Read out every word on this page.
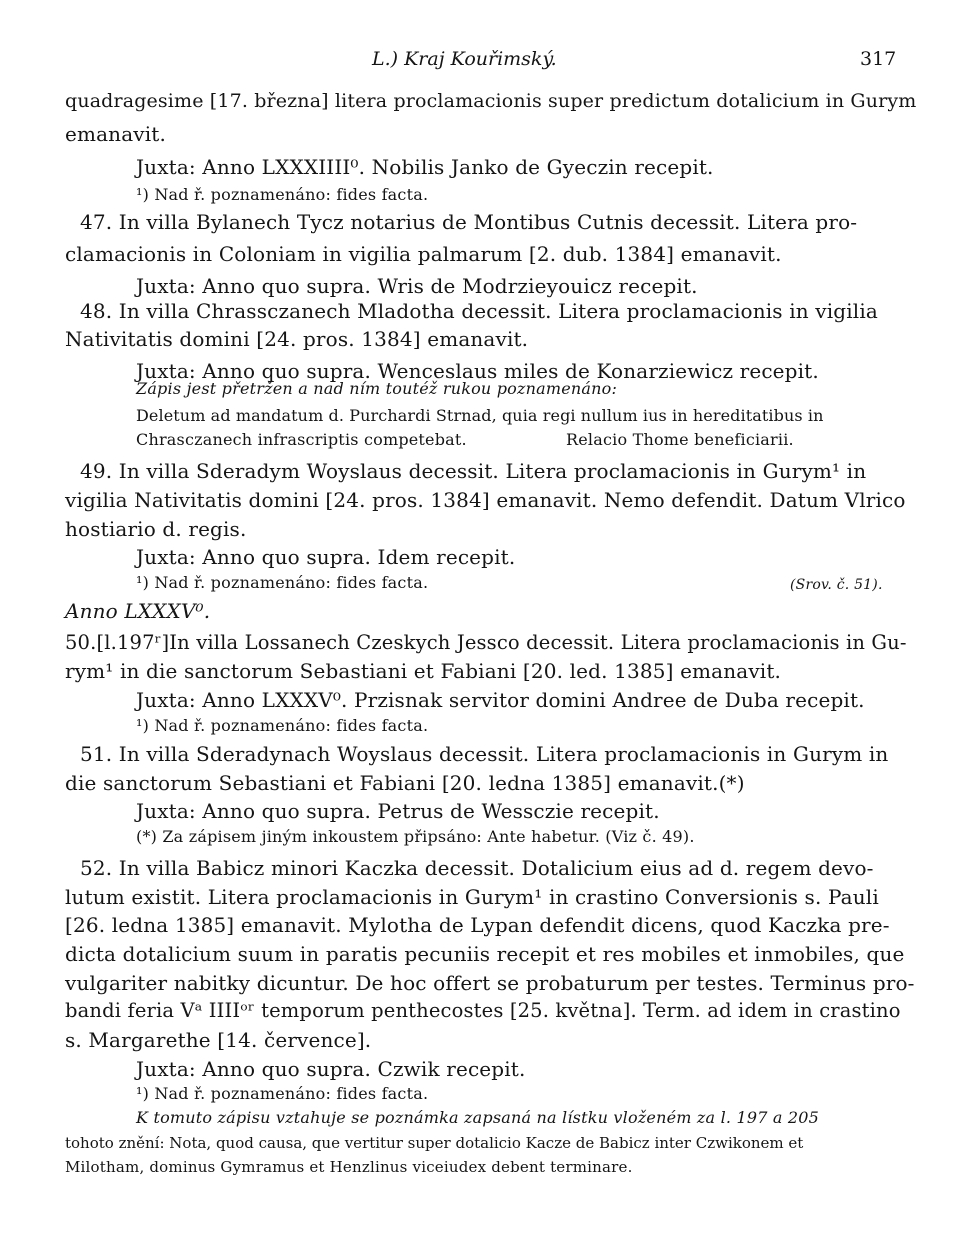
L.) Kraj Kouřimský.	317
quadragesime [17. března] litera proclamacionis super predictum dotalicium in Gurym
emanavit.
Juxta: Anno LXXXIIII⁰. Nobilis Janko de Gyeczin recepit.
¹) Nad ř. poznamenáno: fides facta.
47. In villa Bylanech Tycz notarius de Montibus Cutnis decessit. Litera pro-
clamacionis in Coloniam in vigilia palmarum [2. dub. 1384] emanavit.
Juxta: Anno quo supra. Wris de Modrzieyouicz recepit.
48. In villa Chrassczanech Mladotha decessit. Litera proclamacionis in vigilia
Nativitatis domini [24. pros. 1384] emanavit.
Juxta: Anno quo supra. Wenceslaus miles de Konarziewicz recepit.
Zápis jest přetržen a nad ním toutéž rukou poznamenáno:
Deletum ad mandatum d. Purchardi Strnad, quia regi nullum ius in hereditatibus in
Chrasczanech infrascriptis competebat.	Relacio Thome beneficiarii.
49. In villa Sderadym Woyslaus decessit. Litera proclamacionis in Gurym¹ in
vigilia Nativitatis domini [24. pros. 1384] emanavit. Nemo defendit. Datum Vlrico
hostiario d. regis.
Juxta: Anno quo supra. Idem recepit.
¹) Nad ř. poznamenáno: fides facta.	(Srov. č. 51).
Anno LXXXV⁰.
50.[l.197ʳ]In villa Lossanech Czeskych Jessco decessit. Litera proclamacionis in Gu-
rym¹ in die sanctorum Sebastiani et Fabiani [20. led. 1385] emanavit.
Juxta: Anno LXXXV⁰. Przisnak servitor domini Andree de Duba recepit.
¹) Nad ř. poznamenáno: fides facta.
51. In villa Sderadynach Woyslaus decessit. Litera proclamacionis in Gurym in
die sanctorum Sebastiani et Fabiani [20. ledna 1385] emanavit.(*)
Juxta: Anno quo supra. Petrus de Wessczie recepit.
(*) Za zápisem jiným inkoustem připsáno: Ante habetur. (Viz č. 49).
52. In villa Babicz minori Kaczka decessit. Dotalicium eius ad d. regem devo-
lutum existit. Litera proclamacionis in Gurym¹ in crastino Conversionis s. Pauli
[26. ledna 1385] emanavit. Mylotha de Lypan defendit dicens, quod Kaczka pre-
dicta dotalicium suum in paratis pecuniis recepit et res mobiles et inmobiles, que
vulgariter nabitky dicuntur. De hoc offert se probaturum per testes. Terminus pro-
bandi feria Vᵃ IIIIᵒʳ temporum penthecostes [25. května]. Term. ad idem in crastino
s. Margarethe [14. července].
Juxta: Anno quo supra. Czwik recepit.
¹) Nad ř. poznamenáno: fides facta.
K tomuto zápisu vztahuje se poznámka zapsaná na lístku vloženém za l. 197 a 205
tohoto znění: Nota, quod causa, que vertitur super dotalicio Kacze de Babicz inter Czwikonem et
Milotham, dominus Gymramus et Henzlinus viceiudex debent terminare.
